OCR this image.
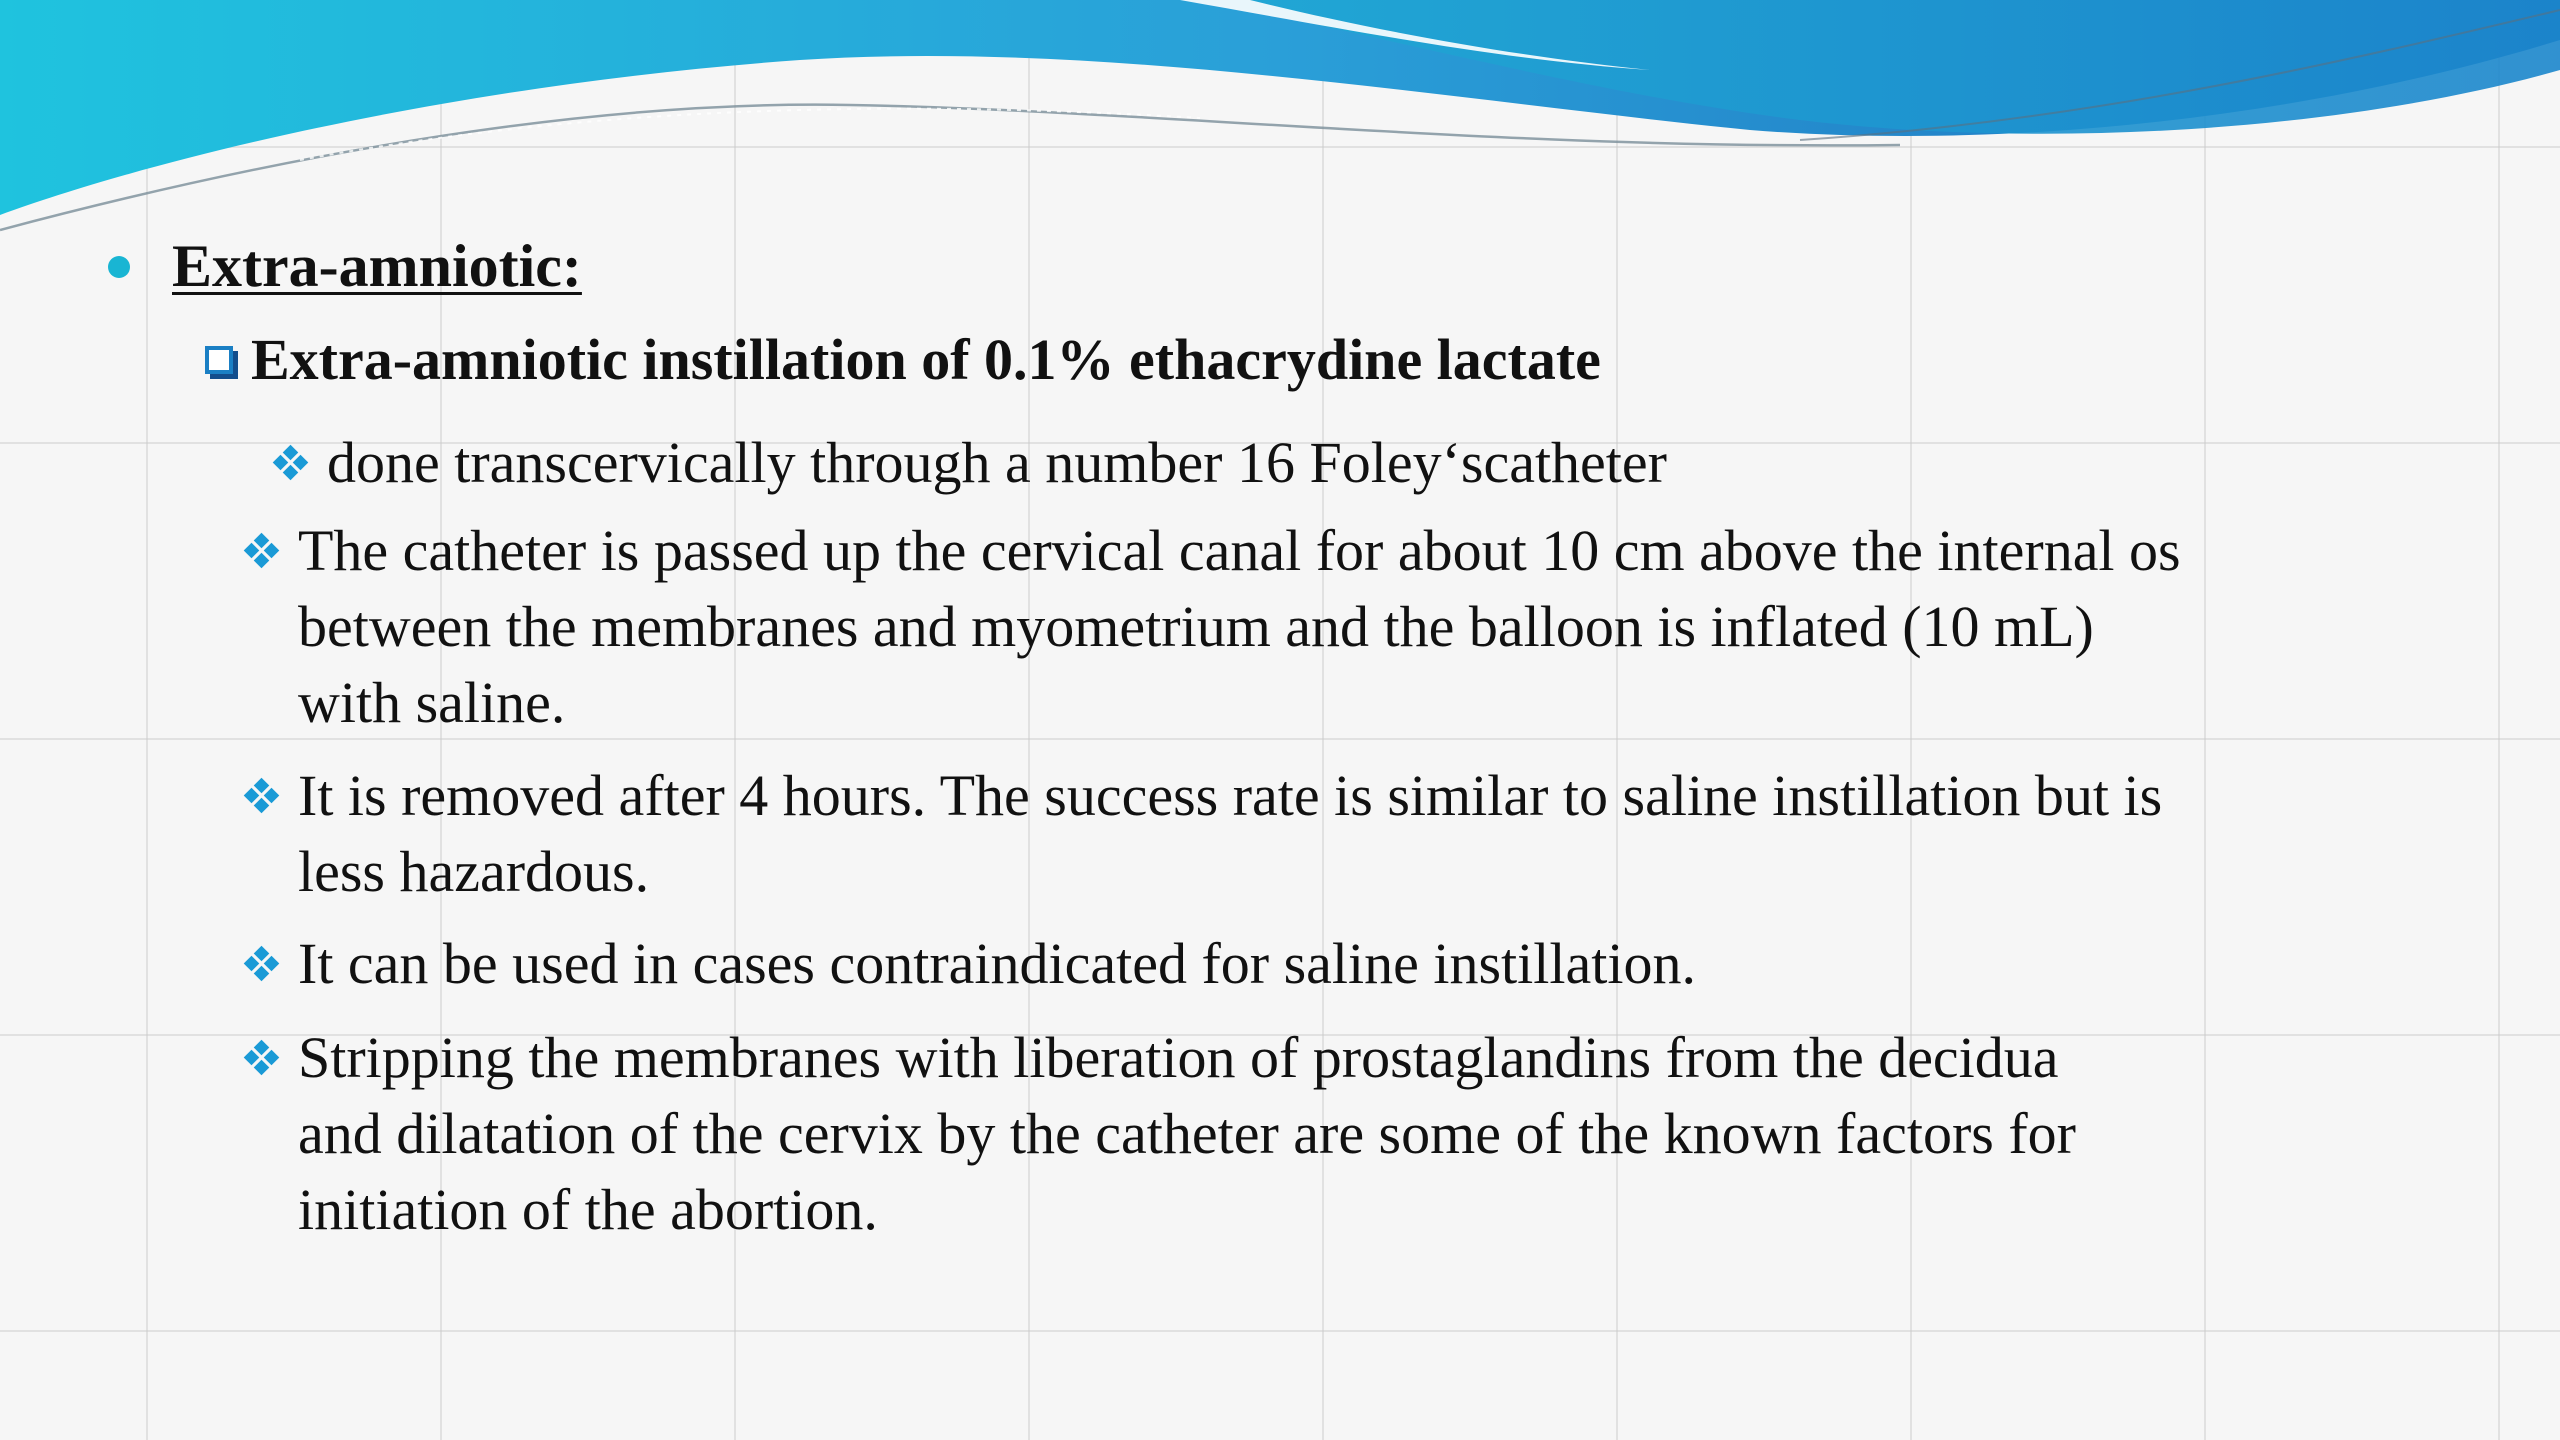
Extra-amniotic:
Extra-amniotic instillation of 0.1% ethacrydine lactate
done transcervically through a number 16 Foley‘scatheter
The catheter is passed up the cervical canal for about 10 cm above the internal os
between the membranes and myometrium and the balloon is inflated (10 mL)
with saline.
It is removed after 4 hours. The success rate is similar to saline instillation but is
less hazardous.
It can be used in cases contraindicated for saline instillation.
Stripping the membranes with liberation of prostaglandins from the decidua
and dilatation of the cervix by the catheter are some of the known factors for
initiation of the abortion.
